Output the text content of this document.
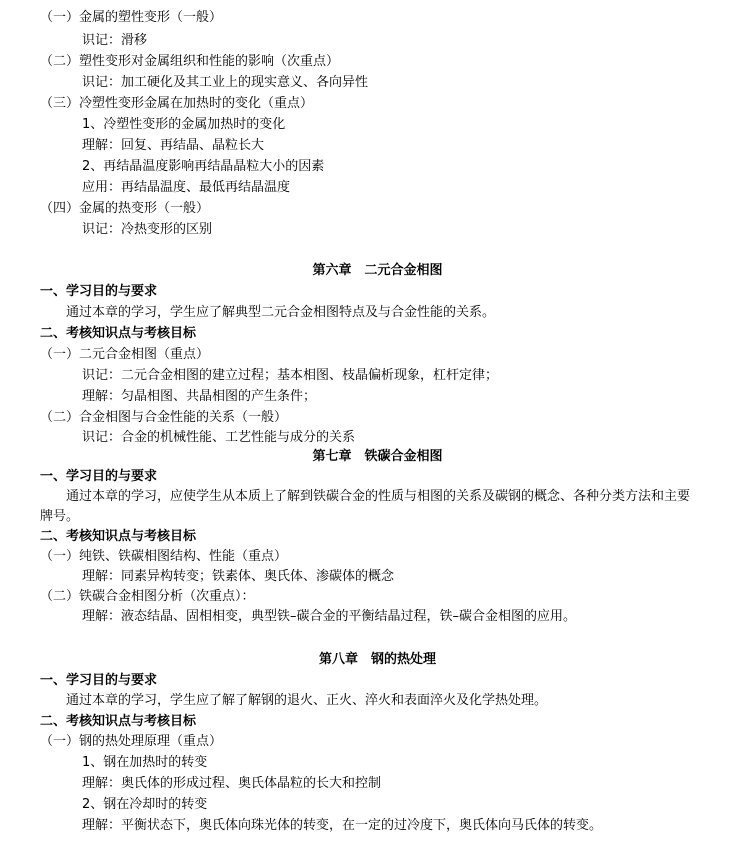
（一）金属的塑性变形（一般）
识记：滑移
（二）塑性变形对金属组织和性能的影响（次重点）
识记：加工硬化及其工业上的现实意义、各向异性
（三）冷塑性变形金属在加热时的变化（重点）
1、冷塑性变形的金属加热时的变化
理解：回复、再结晶、晶粒长大
2、再结晶温度影响再结晶晶粒大小的因素
应用：再结晶温度、最低再结晶温度
（四）金属的热变形（一般）
识记：冷热变形的区别
第六章　二元合金相图
一、学习目的与要求
通过本章的学习，学生应了解典型二元合金相图特点及与合金性能的关系。
二、考核知识点与考核目标
（一）二元合金相图（重点）
识记：二元合金相图的建立过程；基本相图、枝晶偏析现象，杠杆定律；
理解：匀晶相图、共晶相图的产生条件；
（二）合金相图与合金性能的关系（一般）
识记：合金的机械性能、工艺性能与成分的关系
第七章　铁碳合金相图
一、学习目的与要求
通过本章的学习，应使学生从本质上了解到铁碳合金的性质与相图的关系及碳钢的概念、各种分类方法和主要
牌号。
二、考核知识点与考核目标
（一）纯铁、铁碳相图结构、性能（重点）
理解：同素异构转变；铁素体、奥氏体、渗碳体的概念
（二）铁碳合金相图分析（次重点）：
理解：液态结晶、固相相变，典型铁–碳合金的平衡结晶过程，铁–碳合金相图的应用。
第八章　钢的热处理
一、学习目的与要求
通过本章的学习，学生应了解了解钢的退火、正火、淬火和表面淬火及化学热处理。
二、考核知识点与考核目标
（一）钢的热处理原理（重点）
1、钢在加热时的转变
理解：奥氏体的形成过程、奥氏体晶粒的长大和控制
2、钢在冷却时的转变
理解：平衡状态下，奥氏体向珠光体的转变，在一定的过冷度下，奥氏体向马氏体的转变。
